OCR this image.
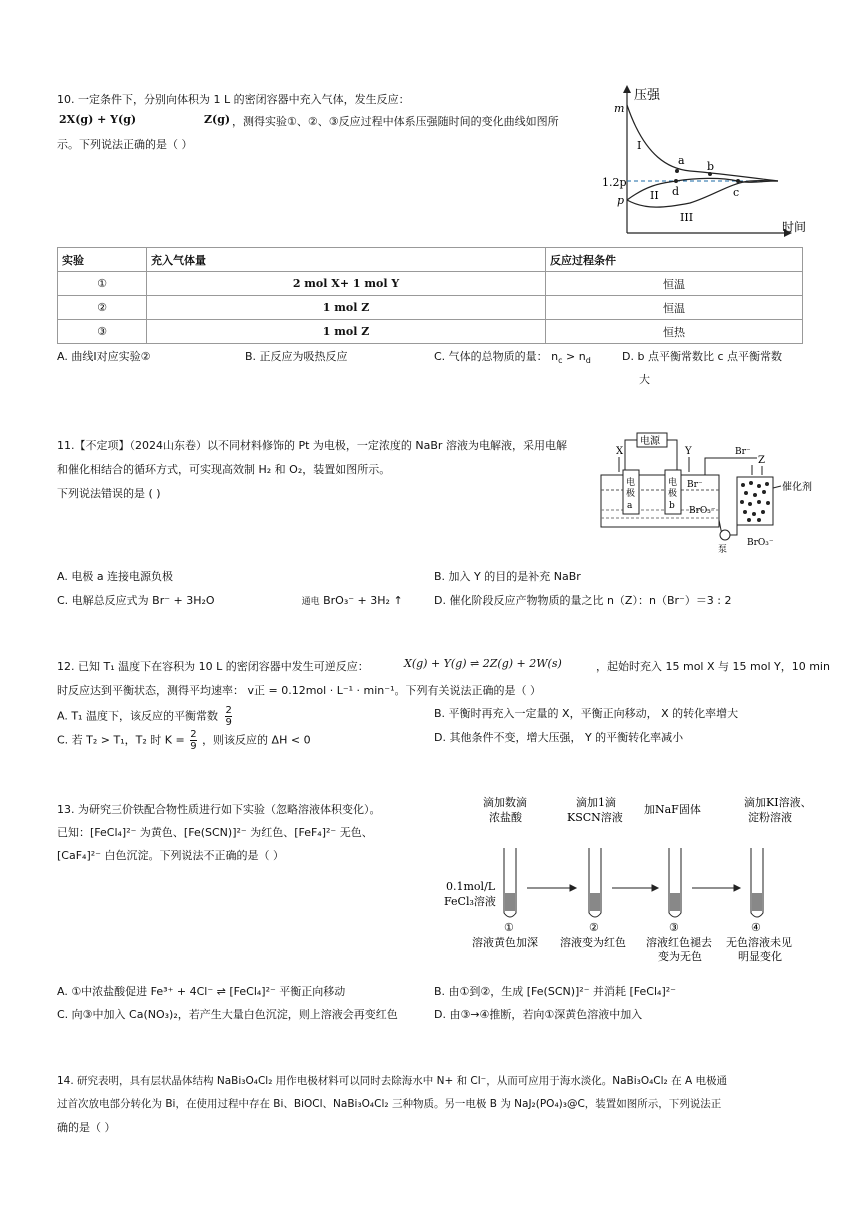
10. 一定条件下，分别向体积为 1 L 的密闭容器中充入气体，发生反应：
2X(g) + Y(g)	Z(g) ，测得实验①、②、③反应过程中体系压强随时间的变化曲线如图所
示。下列说法正确的是（ ）
压强
时间
m
1.2p
p
I
II
III
a b
c
d
实验	充入气体量	反应过程条件
①	2 mol X+ 1 mol Y	恒温
②	1 mol Z	恒温
③	1 mol Z	恒热
A. 曲线Ⅰ对应实验②	B. 正反应为吸热反应	C. 气体的总物质的量： $n_c > n_d$	D. b 点平衡常数比 c 点平衡常数
大
11.【不定项】（2024山东卷）以不同材料修饰的 Pt 为电极，一定浓度的 NaBr 溶液为电解液，采用电解
和催化相结合的循环方式，可实现高效制 H₂ 和 O₂，装置如图所示。
下列说法错误的是 ( )
电源
X	Y
电
极
a
电
极
b
Br⁻
BrO₃⁻
Br⁻
Z
催化剂
泵
BrO₃⁻
A. 电极 a 连接电源负极	B. 加入 Y 的目的是补充 NaBr
C. 电解总反应式为 Br⁻ + 3H₂O	通电 BrO₃⁻ + 3H₂ ↑	D. 催化阶段反应产物物质的量之比 n（Z）：n（Br⁻）＝3 : 2
12. 已知 T₁ 温度下在容积为 10 L 的密闭容器中发生可逆反应：	X(g) + Y(g) ⇌ 2Z(g) + 2W(s)	，起始时充入 15 mol X 与 15 mol Y，10 min
时反应达到平衡状态，测得平均速率： v正 = 0.12mol · L⁻¹ · min⁻¹。下列有关说法正确的是（ ）
A. T₁ 温度下，该反应的平衡常数 $\frac{2}{9}$	B. 平衡时再充入一定量的 X，平衡正向移动， X 的转化率增大
C. 若 T₂ > T₁，T₂ 时 $K = \frac{2}{9}$ ，则该反应的 ΔH < 0	D. 其他条件不变，增大压强， Y 的平衡转化率减小
13. 为研究三价铁配合物性质进行如下实验（忽略溶液体积变化）。
已知：[FeCl₄]²⁻ 为黄色、[Fe(SCN)]²⁻ 为红色、[FeF₄]²⁻ 无色、
[CaF₄]²⁻ 白色沉淀。下列说法不正确的是（ ）
滴加数滴
浓盐酸
滴加1滴
KSCN溶液
加NaF固体
滴加KI溶液、
淀粉溶液
0.1mol/L
FeCl₃溶液
①	②	③	④
溶液黄色加深 溶液变为红色 溶液红色褪去
变为无色
无色溶液未见
明显变化
A. ①中浓盐酸促进 Fe³⁺ + 4Cl⁻ ⇌ [FeCl₄]²⁻ 平衡正向移动	B. 由①到②，生成 [Fe(SCN)]²⁻ 并消耗 [FeCl₄]²⁻
C. 向③中加入 Ca(NO₃)₂，若产生大量白色沉淀，则上溶液会再变红色	D. 由③→④推断，若向①深黄色溶液中加入
14. 研究表明，具有层状晶体结构 NaBi₃O₄Cl₂ 用作电极材料可以同时去除海水中 N+ 和 Cl⁻，从而可应用于海水淡化。NaBi₃O₄Cl₂ 在 A 电极通
过首次放电部分转化为 Bi，在使用过程中存在 Bi、BiOCl、NaBi₃O₄Cl₂ 三种物质。另一电极 B 为 NaJ₂(PO₄)₃@C，装置如图所示，下列说法正
确的是（ ）
